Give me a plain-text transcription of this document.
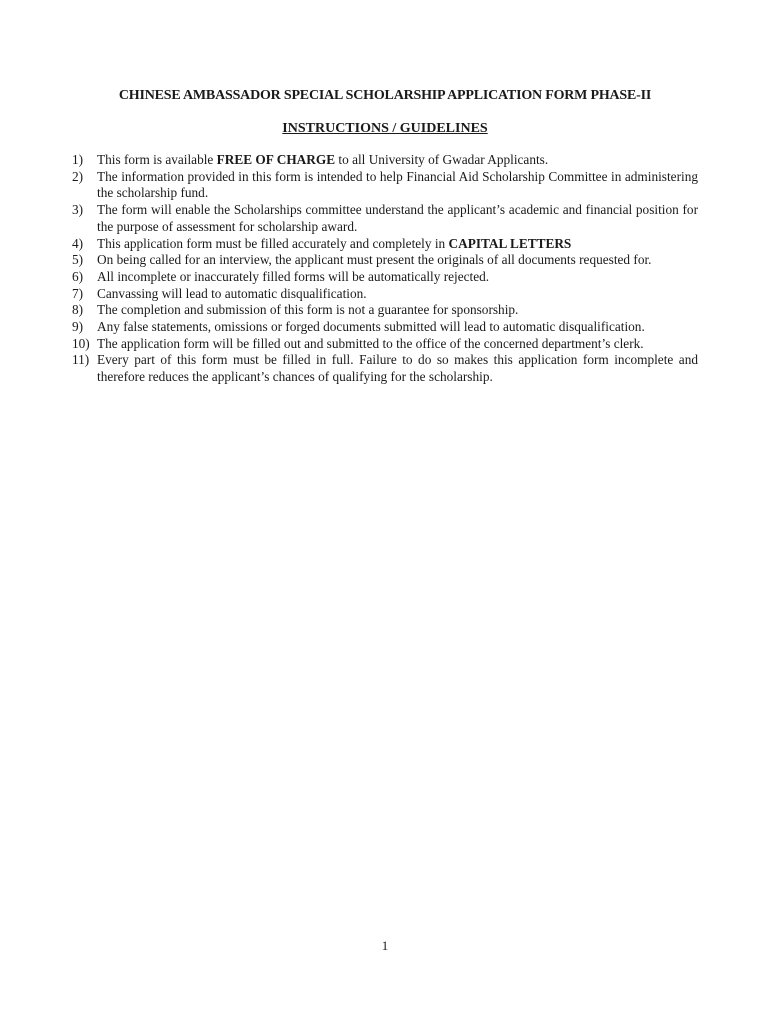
CHINESE AMBASSADOR SPECIAL SCHOLARSHIP APPLICATION FORM PHASE-II
INSTRUCTIONS / GUIDELINES
1) This form is available FREE OF CHARGE to all University of Gwadar Applicants.
2) The information provided in this form is intended to help Financial Aid Scholarship Committee in administering the scholarship fund.
3) The form will enable the Scholarships committee understand the applicant’s academic and financial position for the purpose of assessment for scholarship award.
4) This application form must be filled accurately and completely in CAPITAL LETTERS
5) On being called for an interview, the applicant must present the originals of all documents requested for.
6) All incomplete or inaccurately filled forms will be automatically rejected.
7) Canvassing will lead to automatic disqualification.
8) The completion and submission of this form is not a guarantee for sponsorship.
9) Any false statements, omissions or forged documents submitted will lead to automatic disqualification.
10) The application form will be filled out and submitted to the office of the concerned department’s clerk.
11) Every part of this form must be filled in full. Failure to do so makes this application form incomplete and therefore reduces the applicant’s chances of qualifying for the scholarship.
1
